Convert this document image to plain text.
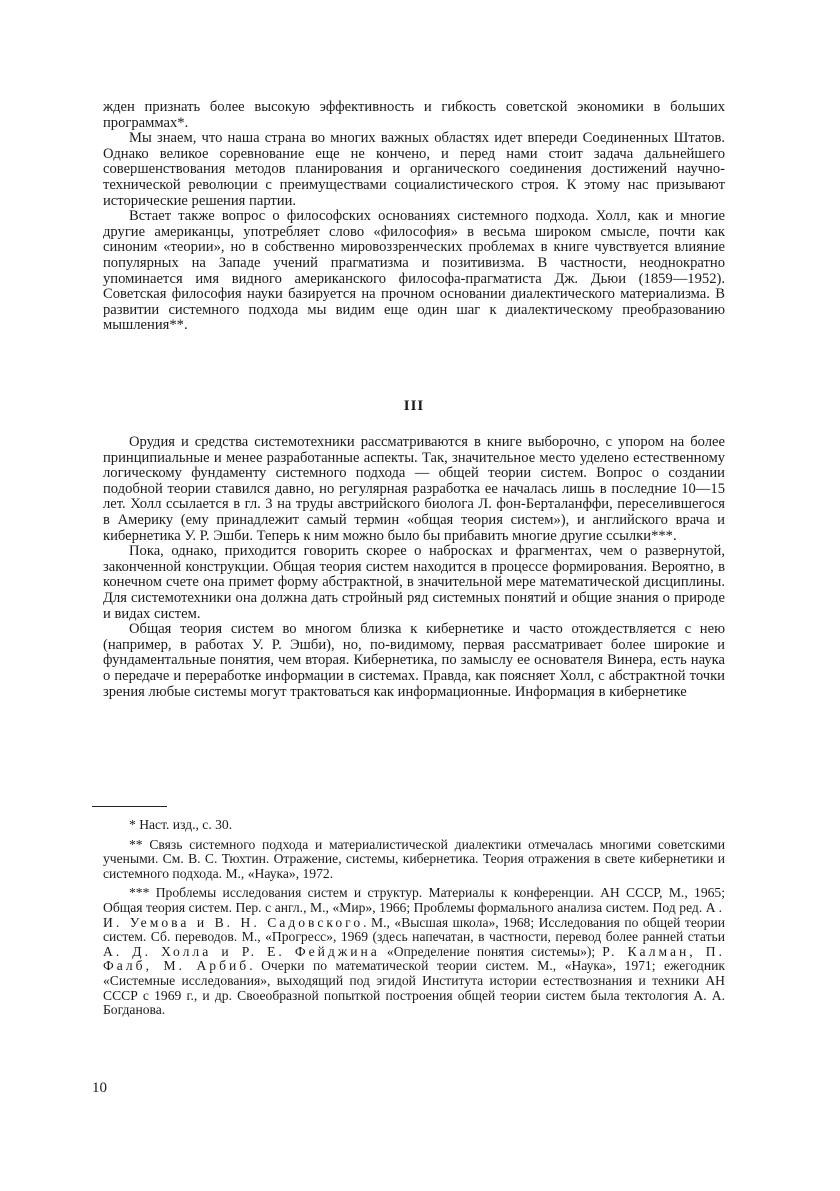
жден признать более высокую эффективность и гибкость советской экономики в больших программах*.

Мы знаем, что наша страна во многих важных областях идет впереди Соединенных Штатов. Однако великое соревнование еще не кончено, и перед нами стоит задача дальнейшего совершенствования методов планирования и органического соединения достижений научно-технической революции с преимуществами социалистического строя. К этому нас призывают исторические решения партии.

Встает также вопрос о философских основаниях системного подхода. Холл, как и многие другие американцы, употребляет слово «философия» в весьма широком смысле, почти как синоним «теории», но в собственно мировоззренческих проблемах в книге чувствуется влияние популярных на Западе учений прагматизма и позитивизма. В частности, неоднократно упоминается имя видного американского философа-прагматиста Дж. Дьюи (1859—1952). Советская философия науки базируется на прочном основании диалектического материализма. В развитии системного подхода мы видим еще один шаг к диалектическому преобразованию мышления**.

III

Орудия и средства системотехники рассматриваются в книге выборочно, с упором на более принципиальные и менее разработанные аспекты. Так, значительное место уделено естественному логическому фундаменту системного подхода — общей теории систем. Вопрос о создании подобной теории ставился давно, но регулярная разработка ее началась лишь в последние 10—15 лет. Холл ссылается в гл. 3 на труды австрийского биолога Л. фон-Берталанффи, переселившегося в Америку (ему принадлежит самый термин «общая теория систем»), и английского врача и кибернетика У. Р. Эшби. Теперь к ним можно было бы прибавить многие другие ссылки***.

Пока, однако, приходится говорить скорее о набросках и фрагментах, чем о развернутой, законченной конструкции. Общая теория систем находится в процессе формирования. Вероятно, в конечном счете она примет форму абстрактной, в значительной мере математической дисциплины. Для системотехники она должна дать стройный ряд системных понятий и общие знания о природе и видах систем.

Общая теория систем во многом близка к кибернетике и часто отождествляется с нею (например, в работах У. Р. Эшби), но, по-видимому, первая рассматривает более широкие и фундаментальные понятия, чем вторая. Кибернетика, по замыслу ее основателя Винера, есть наука о передаче и переработке информации в системах. Правда, как поясняет Холл, с абстрактной точки зрения любые системы могут трактоваться как информационные. Информация в кибернетике

* Наст. изд., с. 30.

** Связь системного подхода и материалистической диалектики отмечалась многими советскими учеными. См. В. С. Тюхтин. Отражение, системы, кибернетика. Теория отражения в свете кибернетики и системного подхода. М., «Наука», 1972.

*** Проблемы исследования систем и структур. Материалы к конференции. АН СССР, М., 1965; Общая теория систем. Пер. с англ., М., «Мир», 1966; Проблемы формального анализа систем. Под ред. А. И. Уемова и В. Н. Садовского. М., «Высшая школа», 1968; Исследования по общей теории систем. Сб. переводов. М., «Прогресс», 1969 (здесь напечатан, в частности, перевод более ранней статьи А. Д. Холла и Р. Е. Фейджина «Определение понятия системы»); Р. Калман, П. Фалб, М. Арбиб. Очерки по математической теории систем. М., «Наука», 1971; ежегодник «Системные исследования», выходящий под эгидой Института истории естествознания и техники АН СССР с 1969 г., и др. Своеобразной попыткой построения общей теории систем была тектология А. А. Богданова.

10
